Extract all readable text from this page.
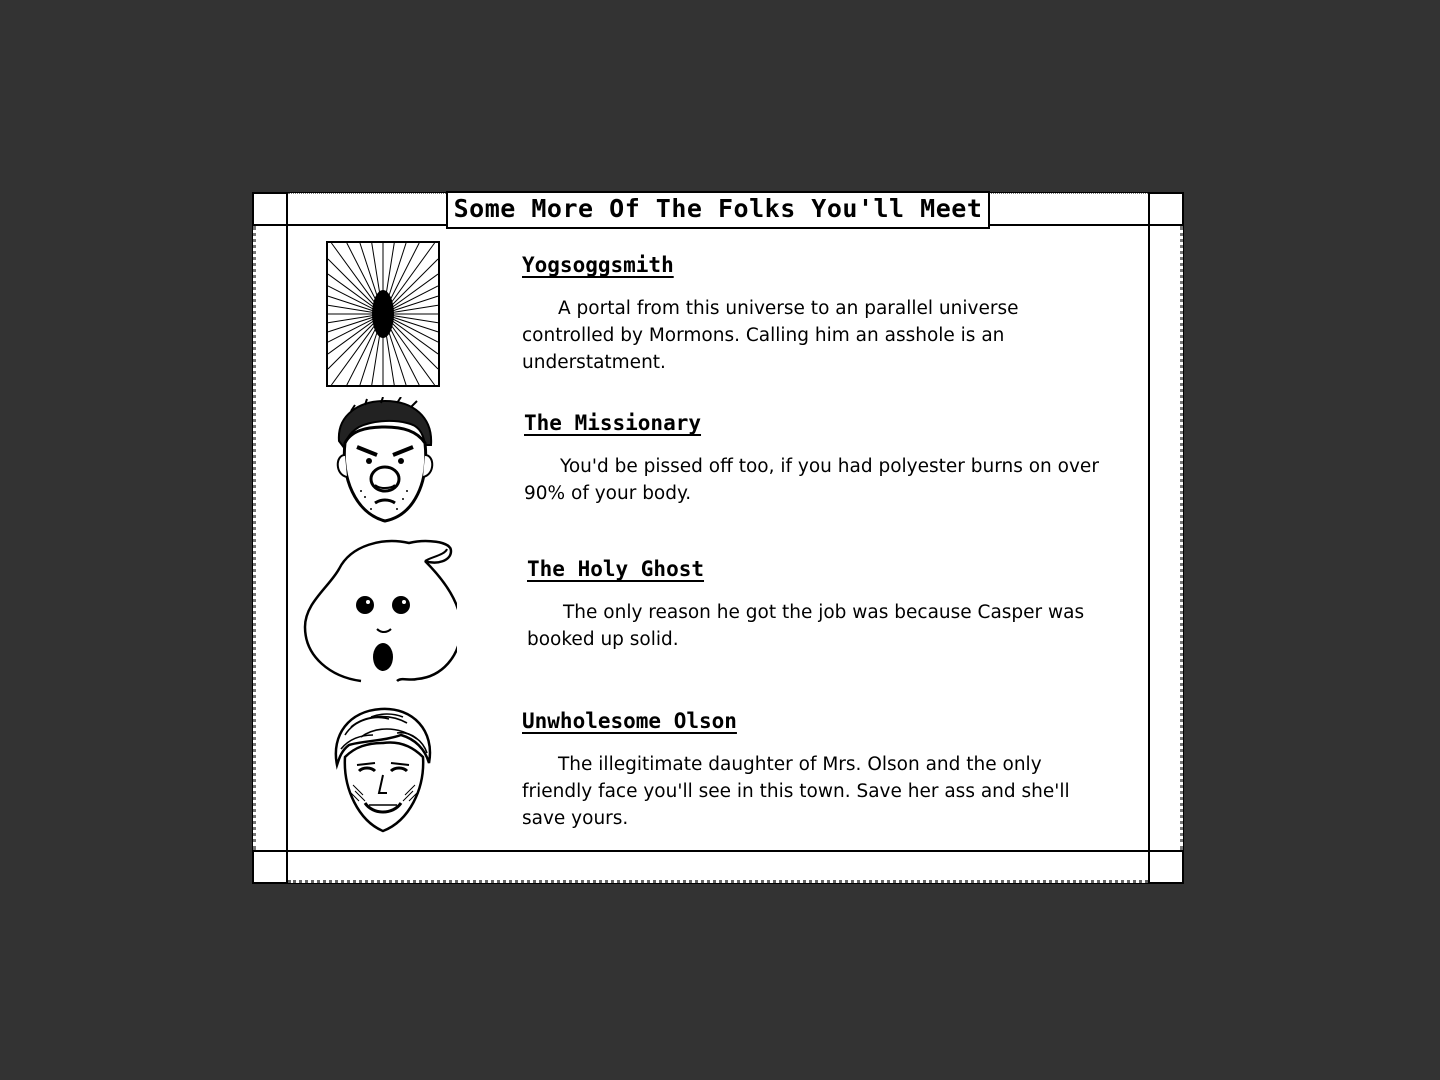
Some More Of The Folks You'll Meet
Yogsoggsmith
A portal from this universe to an parallel universe controlled by Mormons. Calling him an asshole is an understatment.
The Missionary
You'd be pissed off too, if you had polyester burns on over 90% of your body.
The Holy Ghost
The only reason he got the job was because Casper was booked up solid.
Unwholesome Olson
The illegitimate daughter of Mrs. Olson and the only friendly face you'll see in this town. Save her ass and she'll save yours.
